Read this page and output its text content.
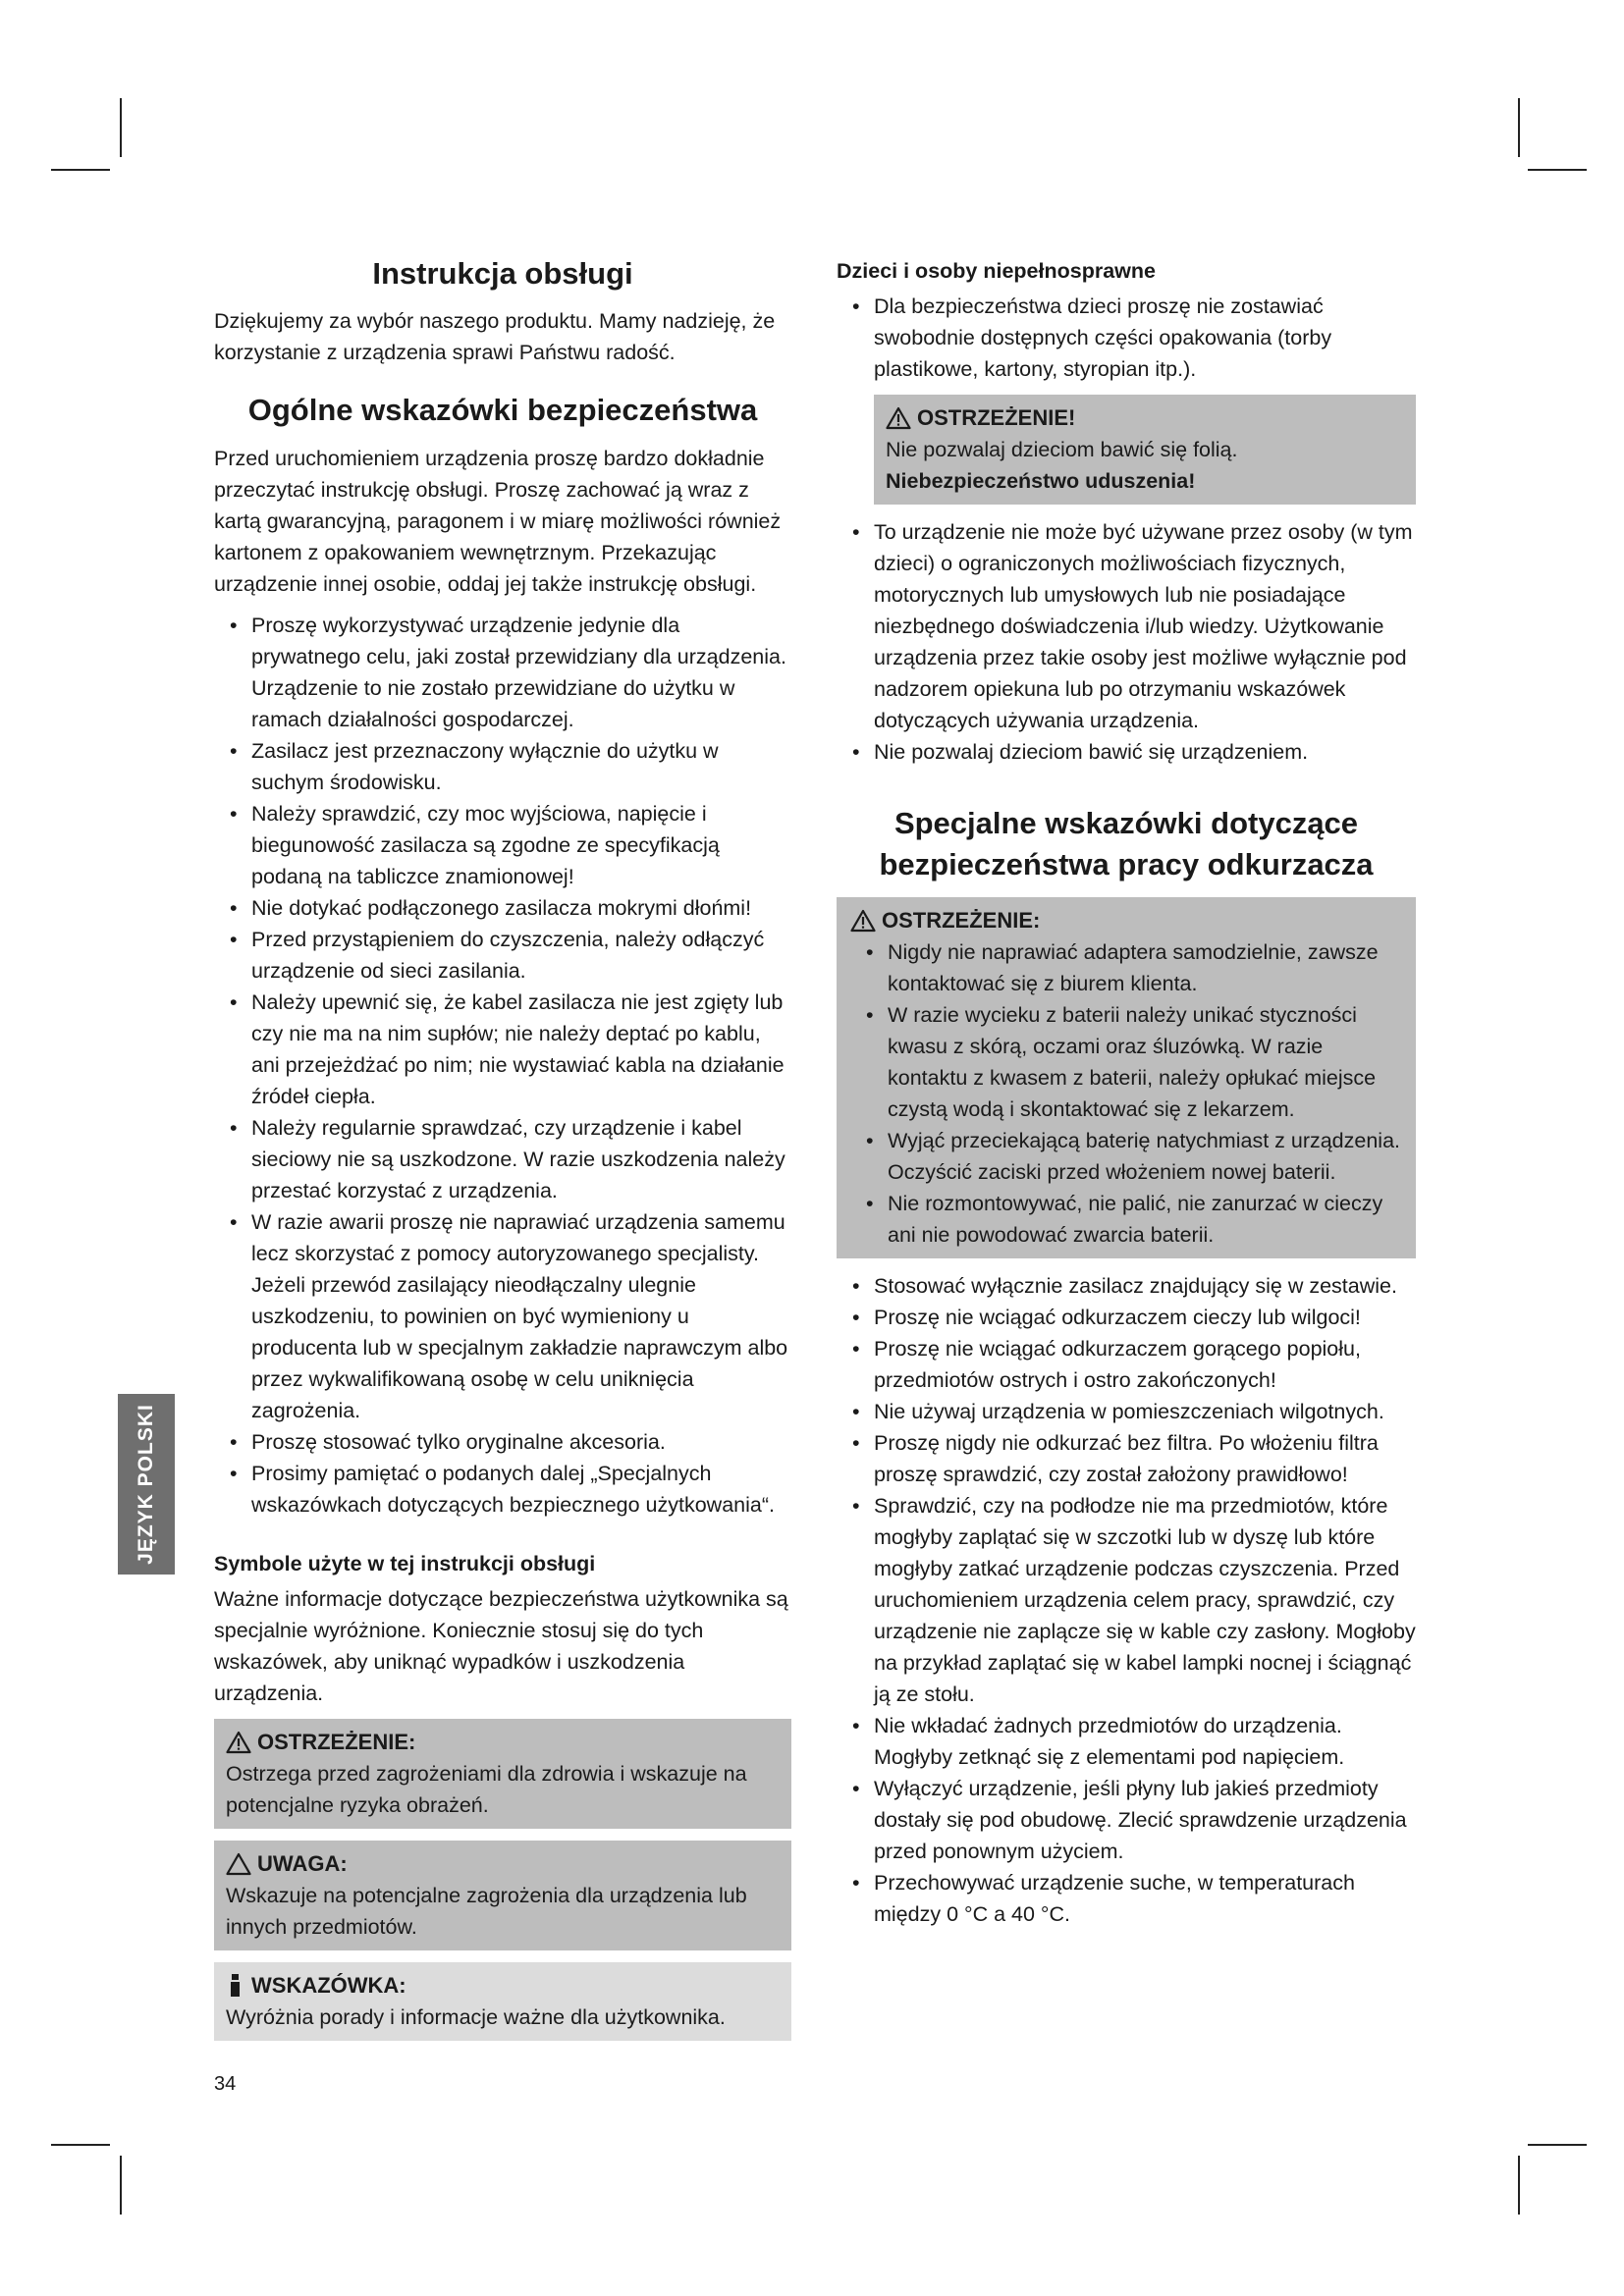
JĘZYK POLSKI
Instrukcja obsługi

Dziękujemy za wybór naszego produktu. Mamy nadzieję, że korzystanie z urządzenia sprawi Państwu radość.

Ogólne wskazówki bezpieczeństwa

Przed uruchomieniem urządzenia proszę bardzo dokładnie przeczytać instrukcję obsługi. Proszę zachować ją wraz z kartą gwarancyjną, paragonem i w miarę możliwości również kartonem z opakowaniem wewnętrznym. Przekazując urządzenie innej osobie, oddaj jej także instrukcję obsługi.

• Proszę wykorzystywać urządzenie jedynie dla prywatnego celu, jaki został przewidziany dla urządzenia. Urządzenie to nie zostało przewidziane do użytku w ramach działalności gospodarczej.
• Zasilacz jest przeznaczony wyłącznie do użytku w suchym środowisku.
• Należy sprawdzić, czy moc wyjściowa, napięcie i biegunowość zasilacza są zgodne ze specyfikacją podaną na tabliczce znamionowej!
• Nie dotykać podłączonego zasilacza mokrymi dłońmi!
• Przed przystąpieniem do czyszczenia, należy odłączyć urządzenie od sieci zasilania.
• Należy upewnić się, że kabel zasilacza nie jest zgięty lub czy nie ma na nim supłów; nie należy deptać po kablu, ani przejeżdżać po nim; nie wystawiać kabla na działanie źródeł ciepła.
• Należy regularnie sprawdzać, czy urządzenie i kabel sieciowy nie są uszkodzone. W razie uszkodzenia należy przestać korzystać z urządzenia.
• W razie awarii proszę nie naprawiać urządzenia samemu lecz skorzystać z pomocy autoryzowanego specjalisty. Jeżeli przewód zasilający nieodłączalny ulegnie uszkodzeniu, to powinien on być wymieniony u producenta lub w specjalnym zakładzie naprawczym albo przez wykwalifikowaną osobę w celu uniknięcia zagrożenia.
• Proszę stosować tylko oryginalne akcesoria.
• Prosimy pamiętać o podanych dalej „Specjalnych wskazówkach dotyczących bezpiecznego użytkowania“.
Symbole użyte w tej instrukcji obsługi

Ważne informacje dotyczące bezpieczeństwa użytkownika są specjalnie wyróżnione. Koniecznie stosuj się do tych wskazówek, aby uniknąć wypadków i uszkodzenia urządzenia.

OSTRZEŻENIE:

Ostrzega przed zagrożeniami dla zdrowia i wskazuje na potencjalne ryzyka obrażeń.

UWAGA:

Wskazuje na potencjalne zagrożenia dla urządzenia lub innych przedmiotów.

WSKAZÓWKA:

Wyróżnia porady i informacje ważne dla użytkownika.

Dzieci i osoby niepełnosprawne
• Dla bezpieczeństwa dzieci proszę nie zostawiać swobodnie dostępnych części opakowania (torby plastikowe, kartony, styropian itp.).
OSTRZEŻENIE!

Nie pozwalaj dzieciom bawić się folią. Niebezpieczeństwo uduszenia!

• To urządzenie nie może być używane przez osoby (w tym dzieci) o ograniczonych możliwościach fizycznych, motorycznych lub umysłowych lub nie posiadające niezbędnego doświadczenia i/lub wiedzy. Użytkowanie urządzenia przez takie osoby jest możliwe wyłącznie pod nadzorem opiekuna lub po otrzymaniu wskazówek dotyczących używania urządzenia.
• Nie pozwalaj dzieciom bawić się urządzeniem.
Specjalne wskazówki dotyczące bezpieczeństwa pracy odkurzacza
OSTRZEŻENIE:
• Nigdy nie naprawiać adaptera samodzielnie, zawsze kontaktować się z biurem klienta.
• W razie wycieku z baterii należy unikać styczności kwasu z skórą, oczami oraz śluzówką. W razie kontaktu z kwasem z baterii, należy opłukać miejsce czystą wodą i skontaktować się z lekarzem.
• Wyjąć przeciekającą baterię natychmiast z urządzenia. Oczyścić zaciski przed włożeniem nowej baterii.
• Nie rozmontowywać, nie palić, nie zanurzać w cieczy ani nie powodować zwarcia baterii.
• Stosować wyłącznie zasilacz znajdujący się w zestawie.
• Proszę nie wciągać odkurzaczem cieczy lub wilgoci!
• Proszę nie wciągać odkurzaczem gorącego popiołu, przedmiotów ostrych i ostro zakończonych!
• Nie używaj urządzenia w pomieszczeniach wilgotnych.
• Proszę nigdy nie odkurzać bez filtra. Po włożeniu filtra proszę sprawdzić, czy został założony prawidłowo!
• Sprawdzić, czy na podłodze nie ma przedmiotów, które mogłyby zaplątać się w szczotki lub w dyszę lub które mogłyby zatkać urządzenie podczas czyszczenia. Przed uruchomieniem urządzenia celem pracy, sprawdzić, czy urządzenie nie zaplącze się w kable czy zasłony. Mogłoby na przykład zaplątać się w kabel lampki nocnej i ściągnąć ją ze stołu.
• Nie wkładać żadnych przedmiotów do urządzenia. Mogłyby zetknąć się z elementami pod napięciem.
• Wyłączyć urządzenie, jeśli płyny lub jakieś przedmioty dostały się pod obudowę. Zlecić sprawdzenie urządzenia przed ponownym użyciem.
• Przechowywać urządzenie suche, w temperaturach między 0 °C a 40 °C.
34
